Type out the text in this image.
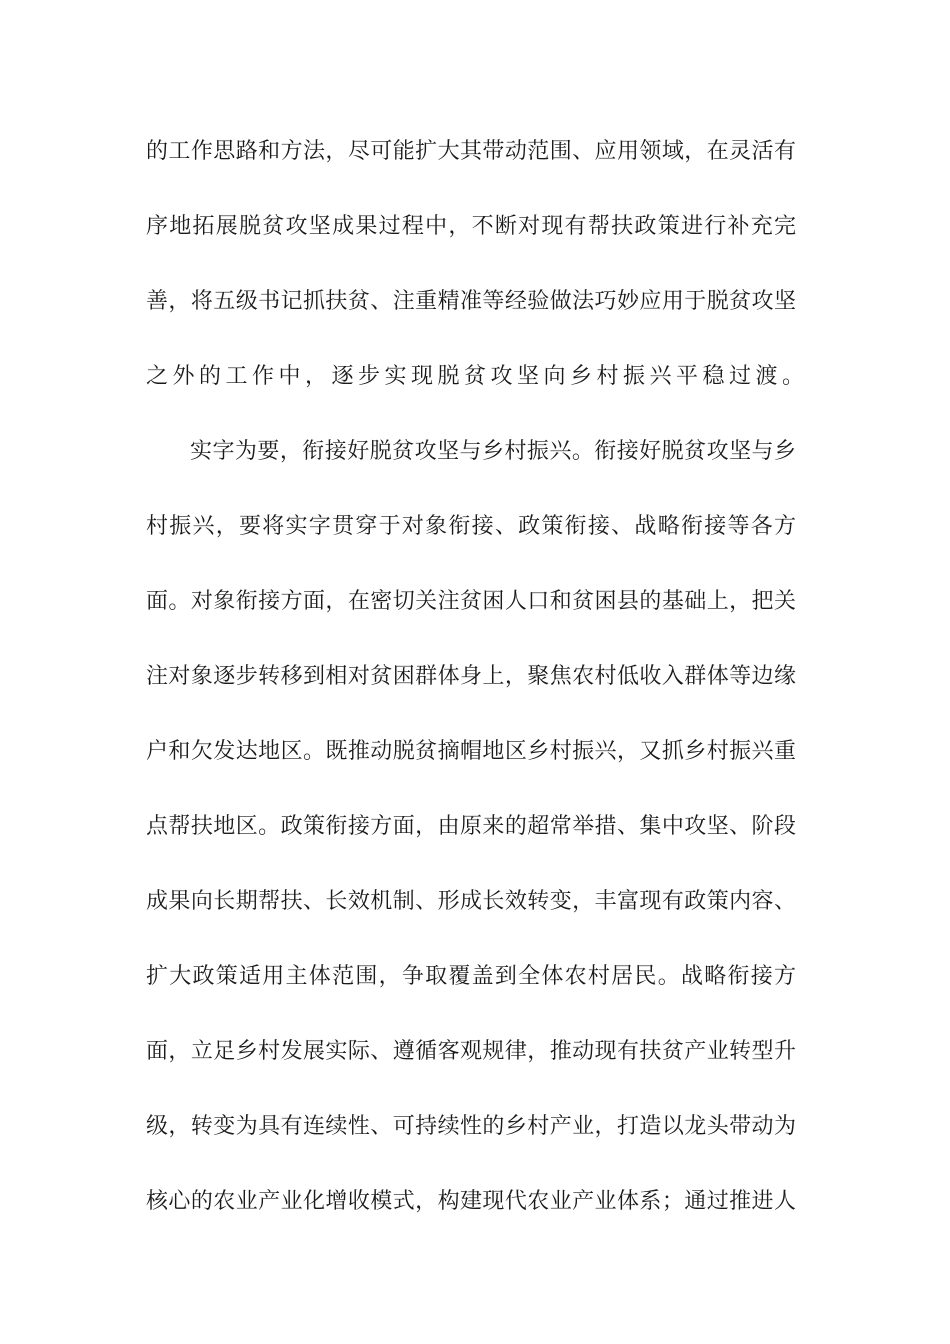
的工作思路和方法，尽可能扩大其带动范围、应用领域，在灵活有
序地拓展脱贫攻坚成果过程中，不断对现有帮扶政策进行补充完
善，将五级书记抓扶贫、注重精准等经验做法巧妙应用于脱贫攻坚
之外的工作中，逐步实现脱贫攻坚向乡村振兴平稳过渡。
实字为要，衔接好脱贫攻坚与乡村振兴。衔接好脱贫攻坚与乡
村振兴，要将实字贯穿于对象衔接、政策衔接、战略衔接等各方
面。对象衔接方面，在密切关注贫困人口和贫困县的基础上，把关
注对象逐步转移到相对贫困群体身上，聚焦农村低收入群体等边缘
户和欠发达地区。既推动脱贫摘帽地区乡村振兴，又抓乡村振兴重
点帮扶地区。政策衔接方面，由原来的超常举措、集中攻坚、阶段
成果向长期帮扶、长效机制、形成长效转变，丰富现有政策内容、
扩大政策适用主体范围，争取覆盖到全体农村居民。战略衔接方
面，立足乡村发展实际、遵循客观规律，推动现有扶贫产业转型升
级，转变为具有连续性、可持续性的乡村产业，打造以龙头带动为
核心的农业产业化增收模式，构建现代农业产业体系；通过推进人
